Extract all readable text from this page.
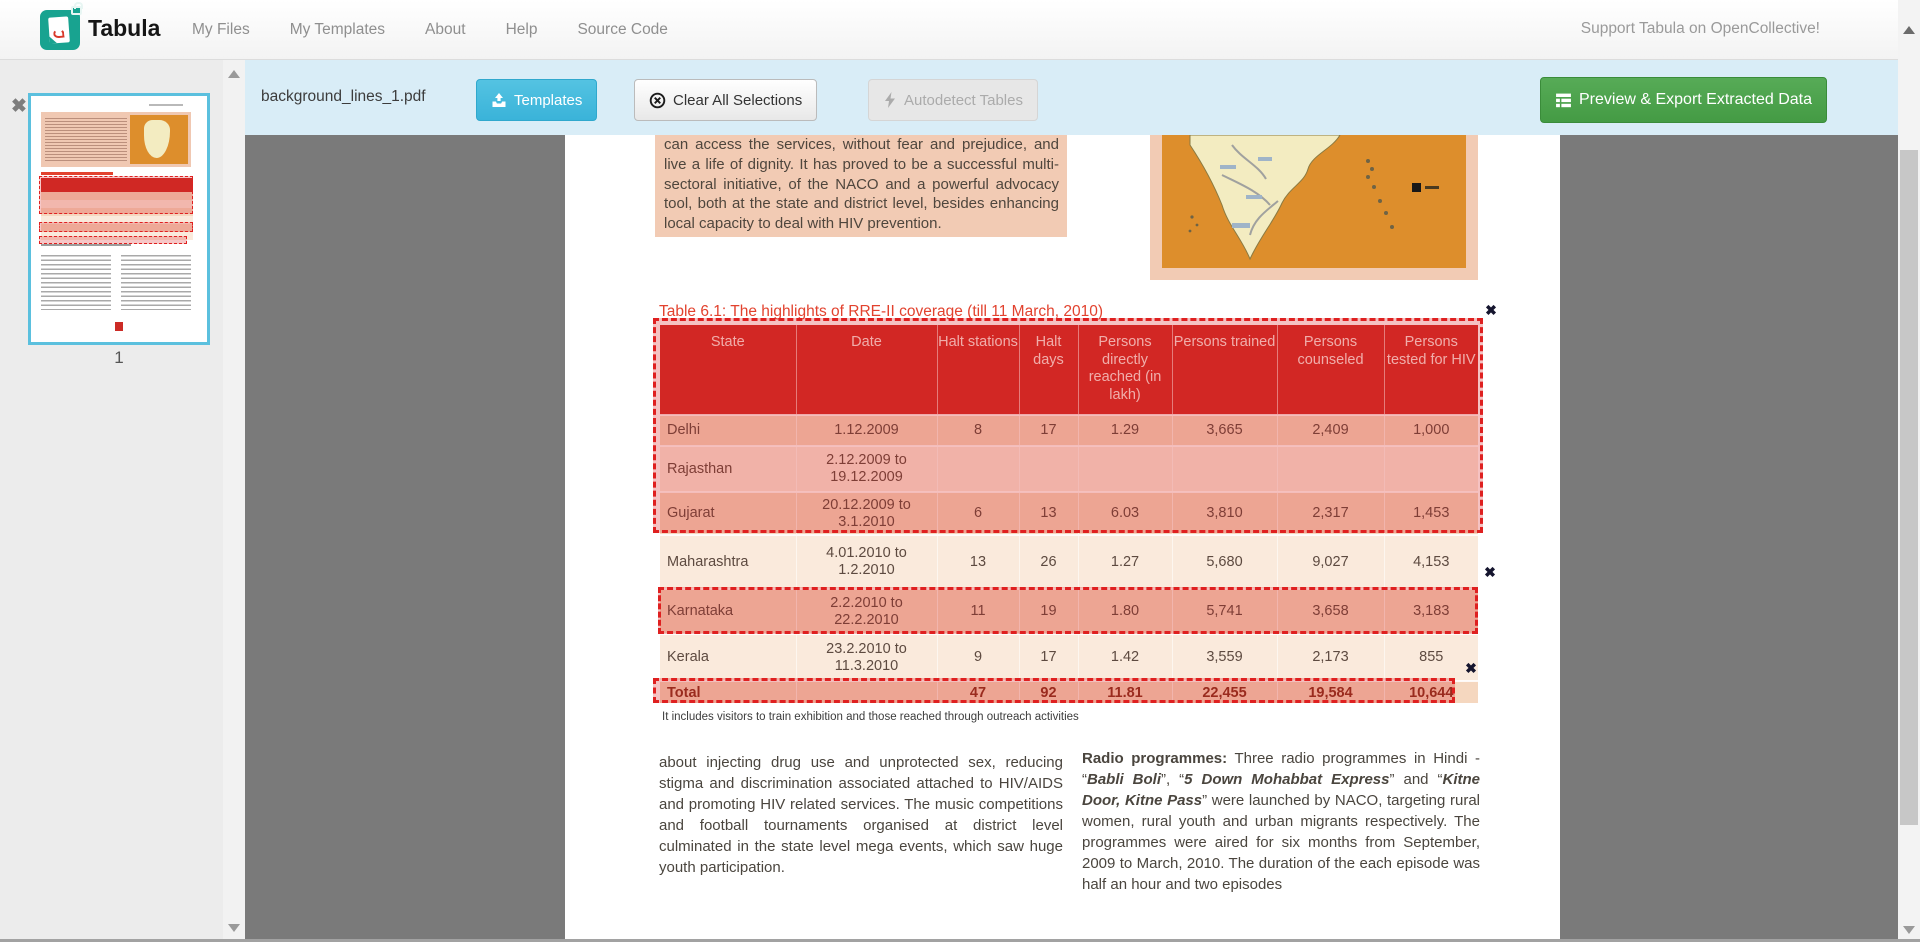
Tabula My Files	My Templates	About	Help	Source Code	Support Tabula on OpenCollective!
✖
1
background_lines_1.pdf	Templates	Clear All Selections	Autodetect Tables	Preview & Export Extracted Data
can access the services, without fear and prejudice, and live a life of dignity. It has proved to be a successful multi-sectoral initiative, of the NACO and a powerful advocacy tool, both at the state and district level, besides enhancing local capacity to deal with HIV prevention.
Table 6.1: The highlights of RRE-II coverage (till 11 March, 2010)
State	Date	Halt stations	Halt days	Persons directly reached (in lakh)	Persons trained	Persons counseled	Persons tested for HIV
Delhi	1.12.2009	8	17	1.29	3,665	2,409	1,000
Rajasthan	2.12.2009 to 19.12.2009						
Gujarat	20.12.2009 to 3.1.2010	6	13	6.03	3,810	2,317	1,453
Maharashtra	4.01.2010 to 1.2.2010	13	26	1.27	5,680	9,027	4,153
Karnataka	2.2.2010 to 22.2.2010	11	19	1.80	5,741	3,658	3,183
Kerala	23.2.2010 to 11.3.2010	9	17	1.42	3,559	2,173	855
Total		47	92	11.81	22,455	19,584	10,644
It includes visitors to train exhibition and those reached through outreach activities
about injecting drug use and unprotected sex, reducing stigma and discrimination associated attached to HIV/AIDS and promoting HIV related services. The music competitions and football tournaments organised at district level culminated in the state level mega events, which saw huge youth participation.
Radio programmes: Three radio programmes in Hindi - “Babli Boli”, “5 Down Mohabbat Express” and “Kitne Door, Kitne Pass” were launched by NACO, targeting rural women, rural youth and urban migrants respectively. The programmes were aired for six months from September, 2009 to March, 2010. The duration of the each episode was half an hour and two episodes
✖
✖
✖
